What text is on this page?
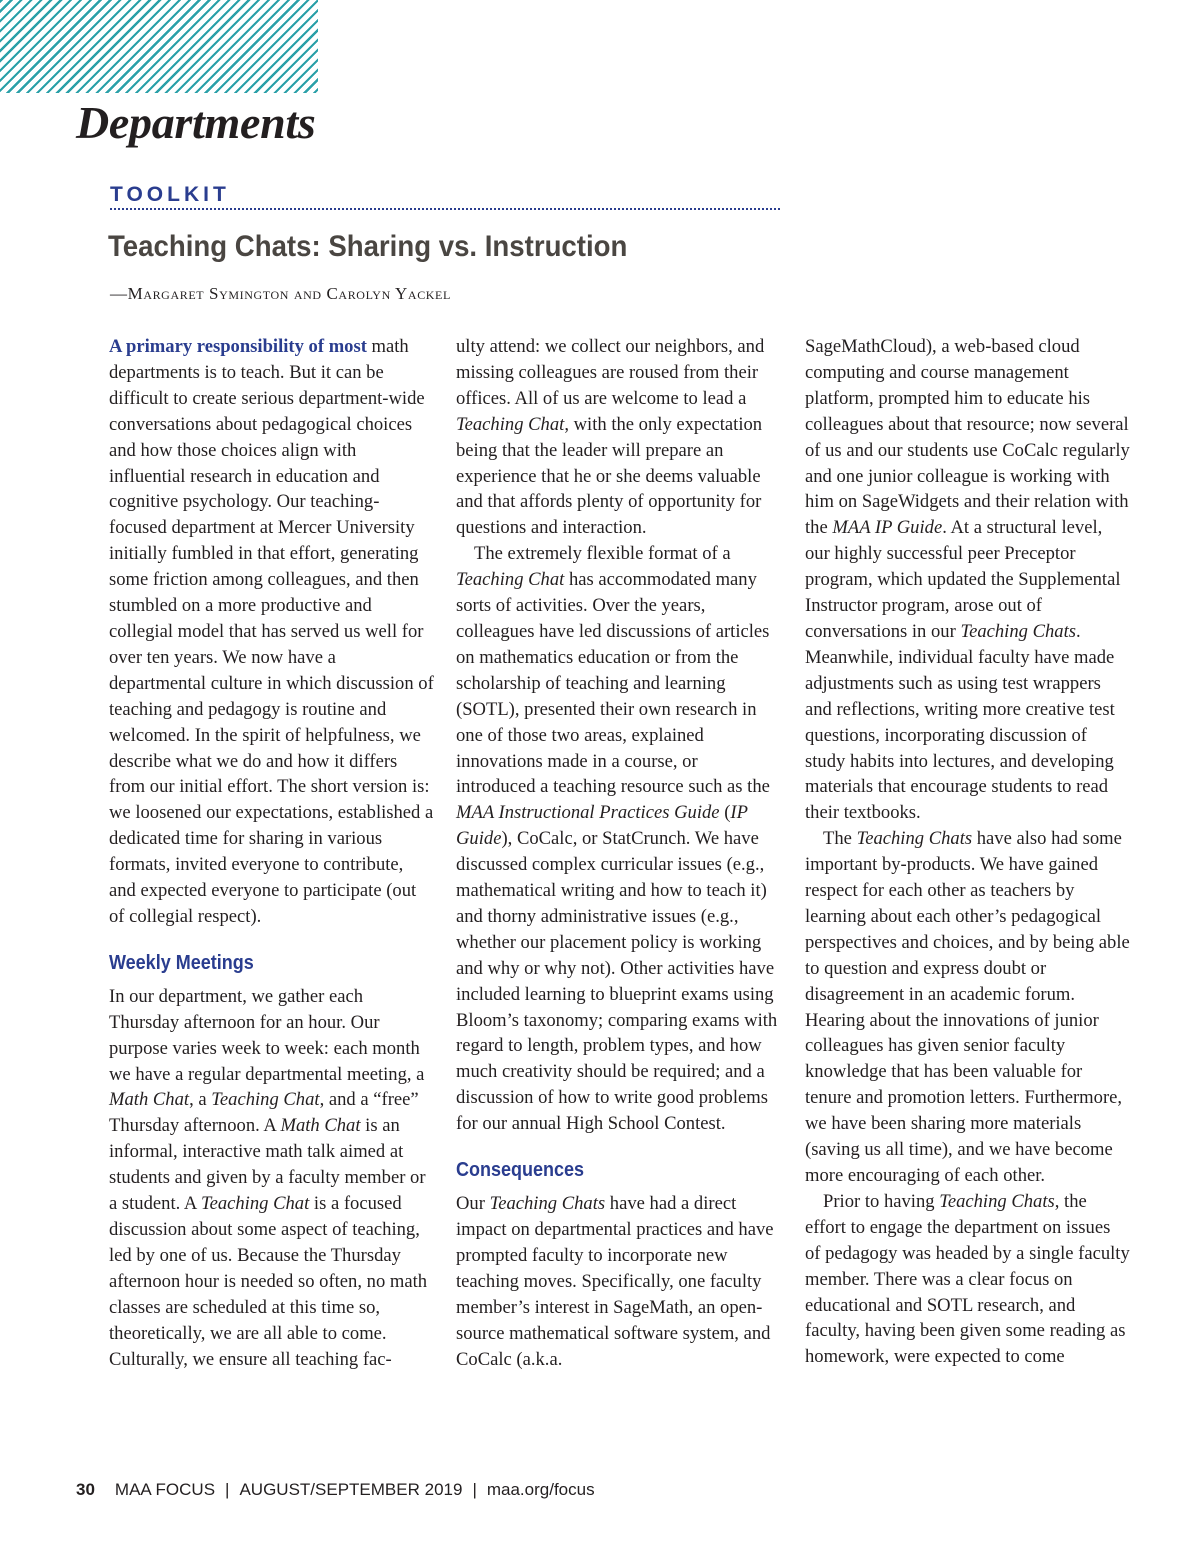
Departments
TOOLKIT
Teaching Chats: Sharing vs. Instruction
—Margaret Symington and Carolyn Yackel

A primary responsibility of most math departments is to teach. But it can be difficult to create serious department-wide conversations about pedagogical choices and how those choices align with influential research in education and cognitive psychology. Our teaching-focused department at Mercer University initially fumbled in that effort, generating some friction among colleagues, and then stumbled on a more productive and collegial model that has served us well for over ten years. We now have a departmental culture in which discussion of teaching and pedagogy is routine and welcomed. In the spirit of helpfulness, we describe what we do and how it differs from our initial effort. The short version is: we loosened our expectations, established a dedicated time for sharing in various formats, invited everyone to contribute, and expected everyone to participate (out of collegial respect).

Weekly Meetings

In our department, we gather each Thursday afternoon for an hour. Our purpose varies week to week: each month we have a regular departmental meeting, a Math Chat, a Teaching Chat, and a “free” Thursday afternoon. A Math Chat is an informal, interactive math talk aimed at students and given by a faculty member or a student. A Teaching Chat is a focused discussion about some aspect of teaching, led by one of us. Because the Thursday afternoon hour is needed so often, no math classes are scheduled at this time so, theoretically, we are all able to come. Culturally, we ensure all teaching fac-

ulty attend: we collect our neighbors, and missing colleagues are roused from their offices. All of us are welcome to lead a Teaching Chat, with the only expectation being that the leader will prepare an experience that he or she deems valuable and that affords plenty of opportunity for questions and interaction.

The extremely flexible format of a Teaching Chat has accommodated many sorts of activities. Over the years, colleagues have led discussions of articles on mathematics education or from the scholarship of teaching and learning (SOTL), presented their own research in one of those two areas, explained innovations made in a course, or introduced a teaching resource such as the MAA Instructional Practices Guide (IP Guide), CoCalc, or StatCrunch. We have discussed complex curricular issues (e.g., mathematical writing and how to teach it) and thorny administrative issues (e.g., whether our placement policy is working and why or why not). Other activities have included learning to blueprint exams using Bloom’s taxonomy; comparing exams with regard to length, problem types, and how much creativity should be required; and a discussion of how to write good problems for our annual High School Contest.

Consequences

Our Teaching Chats have had a direct impact on departmental practices and have prompted faculty to incorporate new teaching moves. Specifically, one faculty member’s interest in SageMath, an open-source mathematical software system, and CoCalc (a.k.a.

SageMathCloud), a web-based cloud computing and course management platform, prompted him to educate his colleagues about that resource; now several of us and our students use CoCalc regularly and one junior colleague is working with him on SageWidgets and their relation with the MAA IP Guide. At a structural level, our highly successful peer Preceptor program, which updated the Supplemental Instructor program, arose out of conversations in our Teaching Chats. Meanwhile, individual faculty have made adjustments such as using test wrappers and reflections, writing more creative test questions, incorporating discussion of study habits into lectures, and developing materials that encourage students to read their textbooks.

The Teaching Chats have also had some important by-products. We have gained respect for each other as teachers by learning about each other’s pedagogical perspectives and choices, and by being able to question and express doubt or disagreement in an academic forum. Hearing about the innovations of junior colleagues has given senior faculty knowledge that has been valuable for tenure and promotion letters. Furthermore, we have been sharing more materials (saving us all time), and we have become more encouraging of each other.

Prior to having Teaching Chats, the effort to engage the department on issues of pedagogy was headed by a single faculty member. There was a clear focus on educational and SOTL research, and faculty, having been given some reading as homework, were expected to come

30 MAA FOCUS | AUGUST/SEPTEMBER 2019 | maa.org/focus
